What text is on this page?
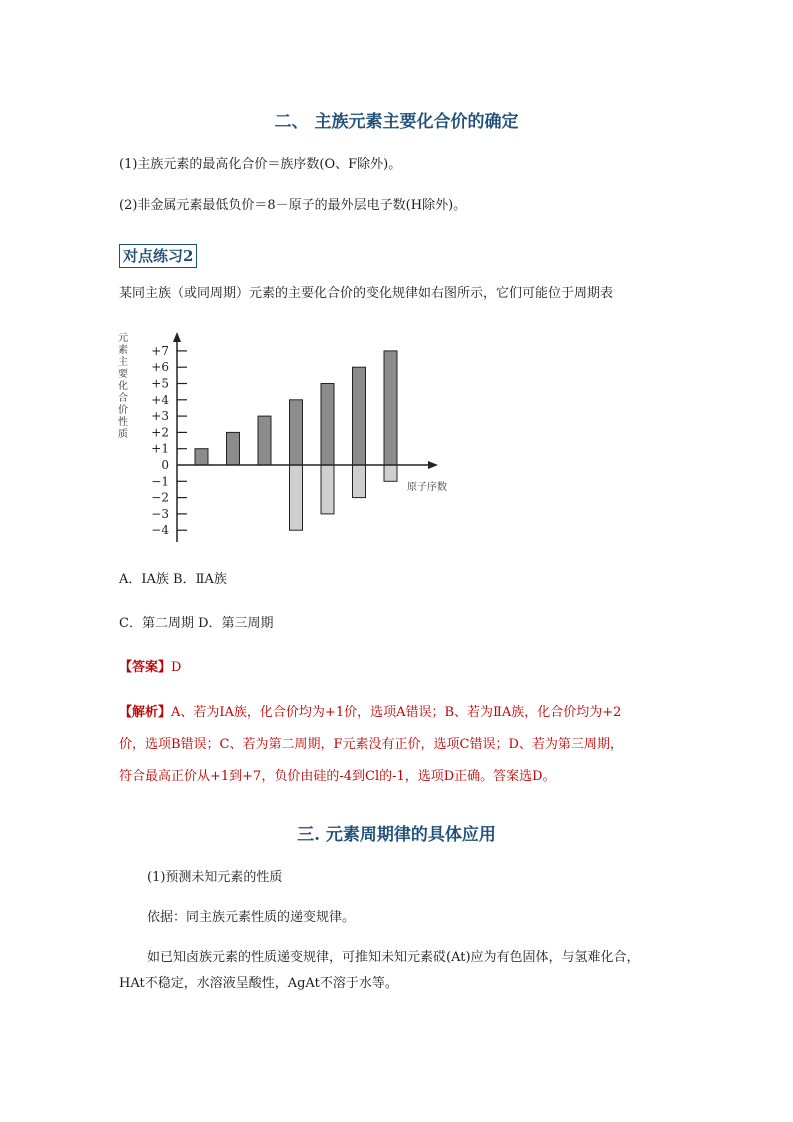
二、 主族元素主要化合价的确定
(1)主族元素的最高化合价＝族序数(O、F除外)。
(2)非金属元素最低负价＝8－原子的最外层电子数(H除外)。
对点练习2
某同主族（或同周期）元素的主要化合价的变化规律如右图所示，它们可能位于周期表
元素主要化合价性质
+7
+6
+5
+4
+3
+2
+1
0
−1
−2
−3
−4
原子序数
A．ⅠA族 B．ⅡA族
C．第二周期 D．第三周期
【答案】D
【解析】A、若为ⅠA族，化合价均为+1价，选项A错误；B、若为ⅡA族，化合价均为+2
价，选项B错误；C、若为第二周期，F元素没有正价，选项C错误；D、若为第三周期，
符合最高正价从+1到+7，负价由硅的-4到Cl的-1，选项D正确。答案选D。
三. 元素周期律的具体应用
(1)预测未知元素的性质
依据：同主族元素性质的递变规律。
如已知卤族元素的性质递变规律，可推知未知元素砹(At)应为有色固体，与氢难化合，
HAt不稳定，水溶液呈酸性，AgAt不溶于水等。
